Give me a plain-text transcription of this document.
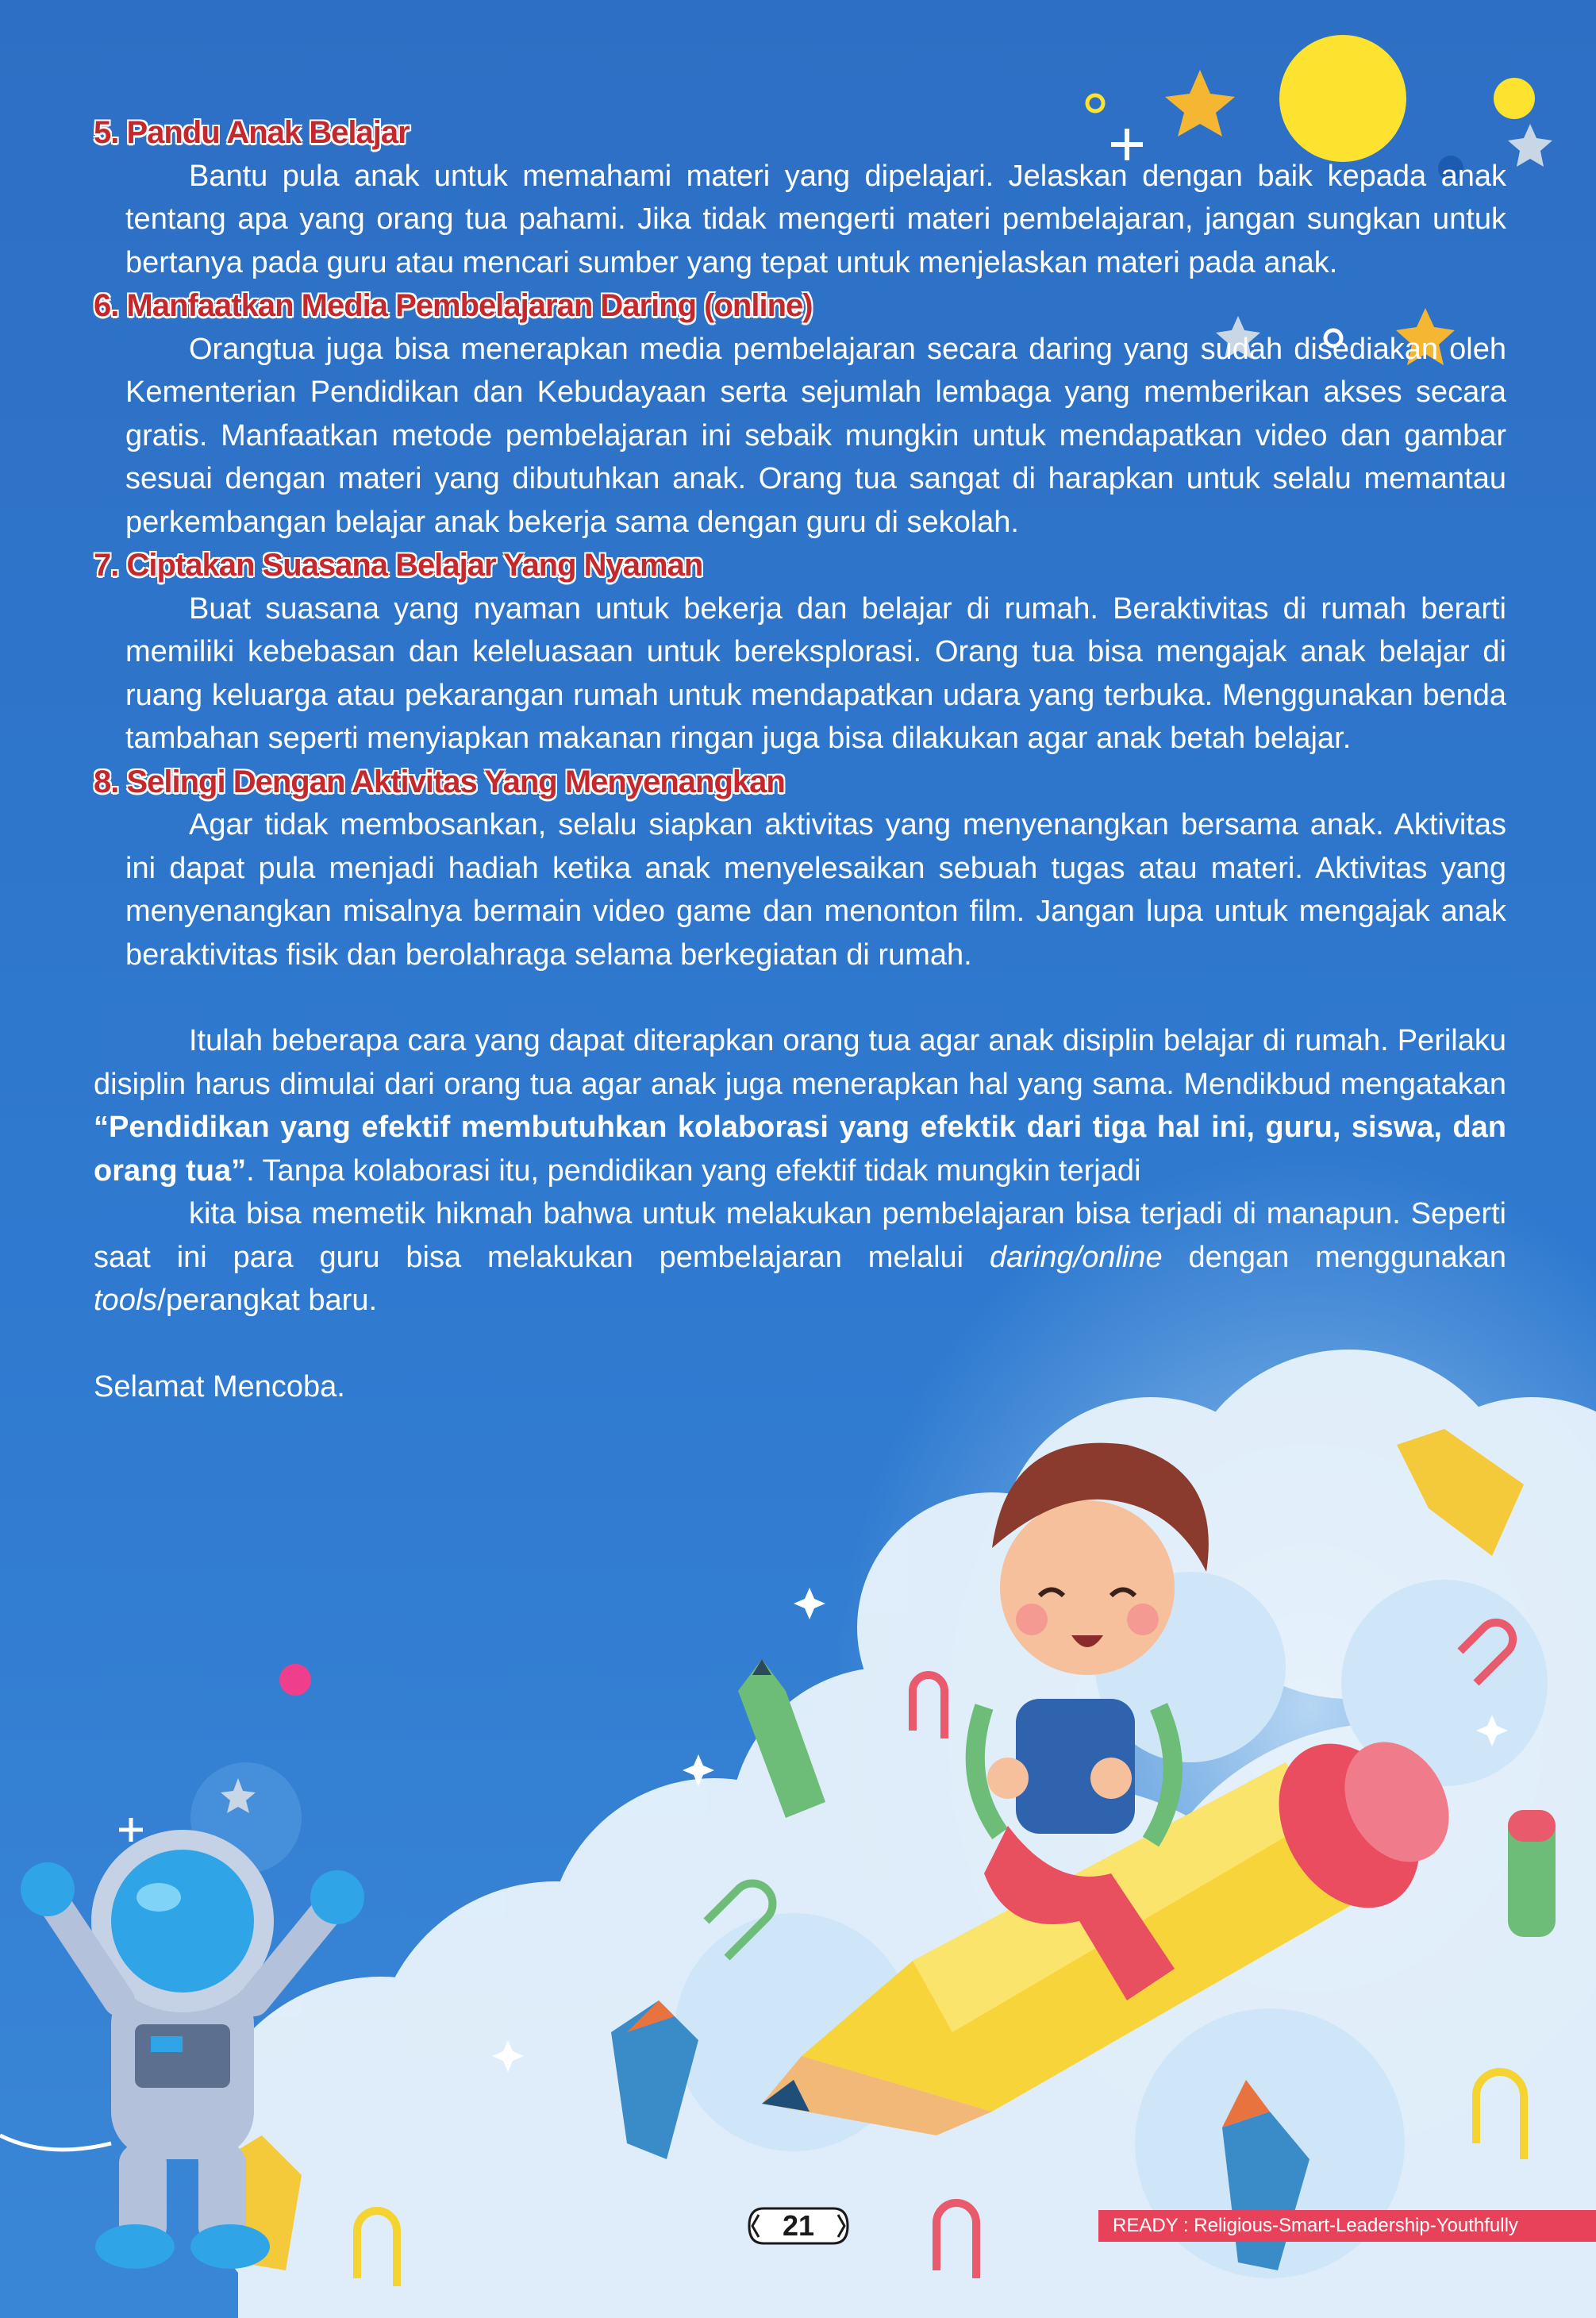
5. Pandu Anak Belajar

Bantu pula anak untuk memahami materi yang dipelajari. Jelaskan dengan baik kepada anak tentang apa yang orang tua pahami. Jika tidak mengerti materi pembelajaran, jangan sungkan untuk bertanya pada guru atau mencari sumber yang tepat untuk menjelaskan materi pada anak.

6. Manfaatkan Media Pembelajaran Daring (online)

Orangtua juga bisa menerapkan media pembelajaran secara daring yang sudah disediakan oleh Kementerian Pendidikan dan Kebudayaan serta sejumlah lembaga yang memberikan akses secara gratis. Manfaatkan metode pembelajaran ini sebaik mungkin untuk mendapatkan video dan gambar sesuai dengan materi yang dibutuhkan anak. Orang tua sangat di harapkan untuk selalu memantau perkembangan belajar anak bekerja sama dengan guru di sekolah.

7. Ciptakan Suasana Belajar Yang Nyaman

Buat suasana yang nyaman untuk bekerja dan belajar di rumah. Beraktivitas di rumah berarti memiliki kebebasan dan keleluasaan untuk bereksplorasi. Orang tua bisa mengajak anak belajar di ruang keluarga atau pekarangan rumah untuk mendapatkan udara yang terbuka. Menggunakan benda tambahan seperti menyiapkan makanan ringan juga bisa dilakukan agar anak betah belajar.

8. Selingi Dengan Aktivitas Yang Menyenangkan

Agar tidak membosankan, selalu siapkan aktivitas yang menyenangkan bersama anak. Aktivitas ini dapat pula menjadi hadiah ketika anak menyelesaikan sebuah tugas atau materi. Aktivitas yang menyenangkan misalnya bermain video game dan menonton film. Jangan lupa untuk mengajak anak beraktivitas fisik dan berolahraga selama berkegiatan di rumah.

Itulah beberapa cara yang dapat diterapkan orang tua agar anak disiplin belajar di rumah. Perilaku disiplin harus dimulai dari orang tua agar anak juga menerapkan hal yang sama. Mendikbud mengatakan “Pendidikan yang efektif membutuhkan kolaborasi yang efektik dari tiga hal ini, guru, siswa, dan orang tua”. Tanpa kolaborasi itu, pendidikan yang efektif tidak mungkin terjadi

kita bisa memetik hikmah bahwa untuk melakukan pembelajaran bisa terjadi di manapun. Seperti saat ini para guru bisa melakukan pembelajaran melalui daring/online dengan menggunakan tools/perangkat baru.

Selamat Mencoba.

21	READY : Religious-Smart-Leadership-Youthfully
